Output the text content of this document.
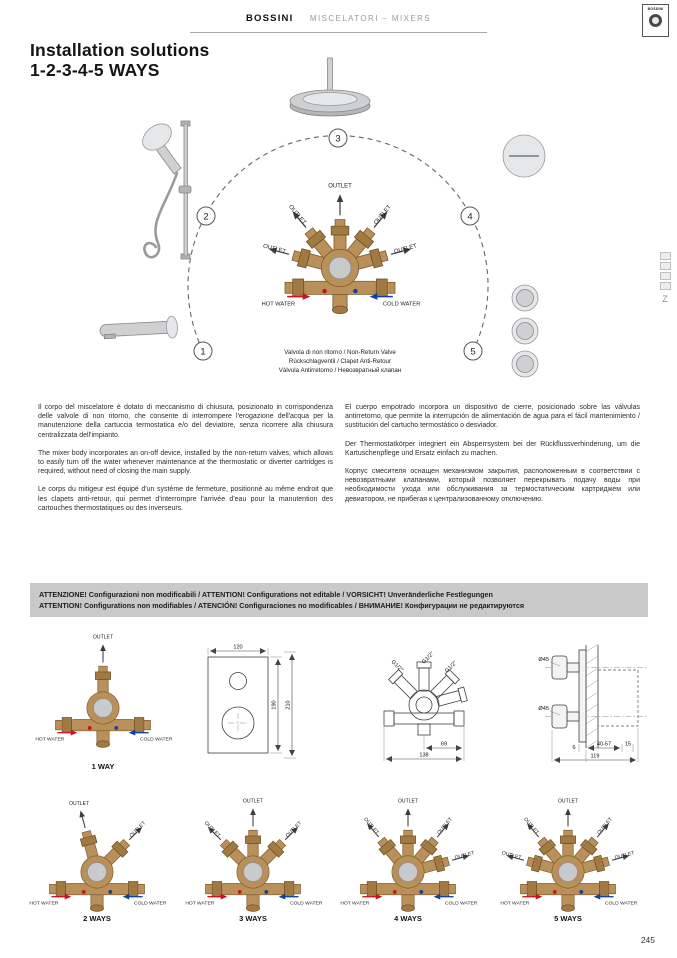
BOSSINI MISCELATORI – MIXERS
BOSSINI
Z
Installation solutions
1-2-3-4-5 WAYS
1
2
3
4
5
120
190 210
G1/2"
G1/2"
G1/2"
69
138
Ø45
Ø45
6
40-57 15
119
OUTLET
OUTLET
OUTLET
OUTLET
OUTLET
HOT WATER	COLD WATER
OUTLET
HOT WATER	COLD WATER
OUTLET
OUTLET
HOT WATER	COLD WATER
OUTLET
OUTLET
OUTLET
HOT WATER	COLD WATER
OUTLET
OUTLET
OUTLET
OUTLET
HOT WATER	COLD WATER
OUTLET
OUTLET
OUTLET
OUTLET
OUTLET
HOT WATER	COLD WATER
Valvola di non ritorno / Non-Return Valve
Rückschlagventil / Clapet Anti-Retour
Válvula Antirretorno / Невозвратный клапан

Il corpo del miscelatore è dotato di meccanismo di chiusura, posizionato in corrispondenza delle valvole di non ritorno, che consente di interrompere l'erogazione dell'acqua per la manutenzione della cartuccia termostatica e/o del deviatore, senza ricorrere alla chiusura centralizzata dell'impianto.

The mixer body incorporates an on-off device, installed by the non-return valves, which allows to easily turn off the water whenever maintenance at the thermostatic or diverter cartridges is required, without need of closing the main supply.

Le corps du mitigeur est équipé d'un système de fermeture, positionné au même endroit que les clapets anti-retour, qui permet d'interrompre l'arrivée d'eau pour la manutention des cartouches thermostatiques ou des inverseurs.

El cuerpo empotrado incorpora un dispositivo de cierre, posicionado sobre las válvulas antirretorno, que permite la interrupción de alimentación de agua para el fácil mantenimiento / sustitución del cartucho termostático o desviador.

Der Thermostatkörper integriert ein Absperrsystem bei der Rückflussverhinderung, um die Kartuschenpflege und Ersatz einfach zu machen.

Корпус смесителя оснащен механизмом закрытия, расположенным в соответствии с невозвратными клапанами, который позволяет перекрывать подачу воды при необходимости ухода или обслуживания за термостатическим картриджем или девиатором, не прибегая к централизованному отключению.

ATTENZIONE! Configurazioni non modificabili / ATTENTION! Configurations not editable / VORSICHT! Unveränderliche Festlegungen
ATTENTION! Configurations non modifiables / ATENCIÓN! Configuraciones no modificables / ВНИМАНИЕ! Конфигурации не редактируются
1 WAY
2 WAYS	3 WAYS	4 WAYS	5 WAYS
245
